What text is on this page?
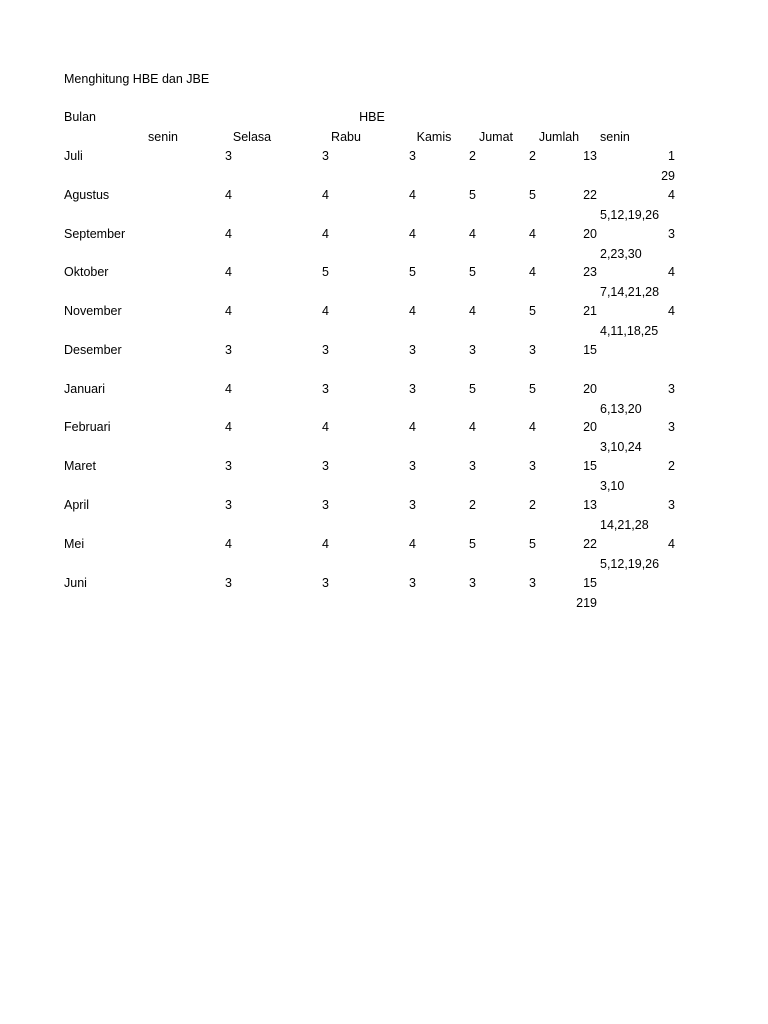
Menghitung HBE dan JBE
Bulan	HBE
senin	Selasa	Rabu	Kamis	Jumat	Jumlah	senin
Juli	3	3	3	2	2	13	1
29
Agustus	4	4	4	5	5	22	4
5,12,19,26
September	4	4	4	4	4	20	3
2,23,30
Oktober	4	5	5	5	4	23	4
7,14,21,28
November	4	4	4	4	5	21	4
4,11,18,25
Desember	3	3	3	3	3	15
Januari	4	3	3	5	5	20	3
6,13,20
Februari	4	4	4	4	4	20	3
3,10,24
Maret	3	3	3	3	3	15	2
3,10
April	3	3	3	2	2	13	3
14,21,28
Mei	4	4	4	5	5	22	4
5,12,19,26
Juni	3	3	3	3	3	15
219
